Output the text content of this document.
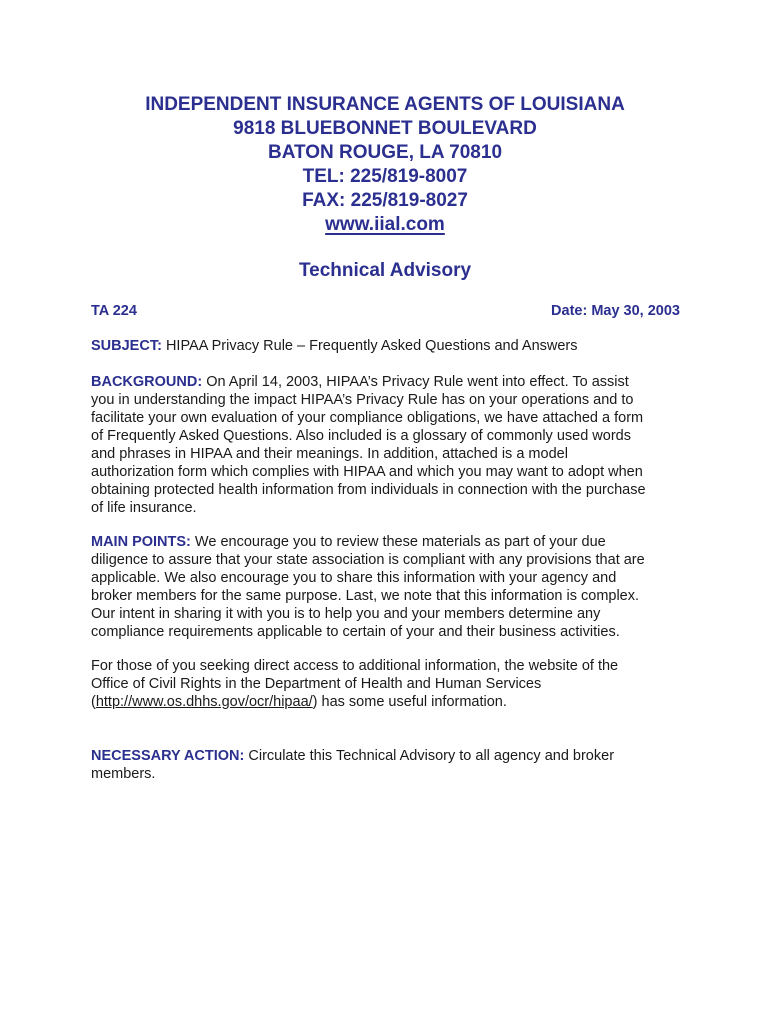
INDEPENDENT INSURANCE AGENTS OF LOUISIANA
9818 BLUEBONNET BOULEVARD
BATON ROUGE, LA 70810
TEL: 225/819-8007
FAX: 225/819-8027
www.iial.com
Technical Advisory
TA 224	Date: May 30, 2003
SUBJECT: HIPAA Privacy Rule – Frequently Asked Questions and Answers
BACKGROUND: On April 14, 2003, HIPAA’s Privacy Rule went into effect. To assist
you in understanding the impact HIPAA’s Privacy Rule has on your operations and to
facilitate your own evaluation of your compliance obligations, we have attached a form
of Frequently Asked Questions. Also included is a glossary of commonly used words
and phrases in HIPAA and their meanings. In addition, attached is a model
authorization form which complies with HIPAA and which you may want to adopt when
obtaining protected health information from individuals in connection with the purchase
of life insurance.
MAIN POINTS: We encourage you to review these materials as part of your due
diligence to assure that your state association is compliant with any provisions that are
applicable. We also encourage you to share this information with your agency and
broker members for the same purpose. Last, we note that this information is complex.
Our intent in sharing it with you is to help you and your members determine any
compliance requirements applicable to certain of your and their business activities.
For those of you seeking direct access to additional information, the website of the
Office of Civil Rights in the Department of Health and Human Services
(http://www.os.dhhs.gov/ocr/hipaa/) has some useful information.
NECESSARY ACTION: Circulate this Technical Advisory to all agency and broker
members.
